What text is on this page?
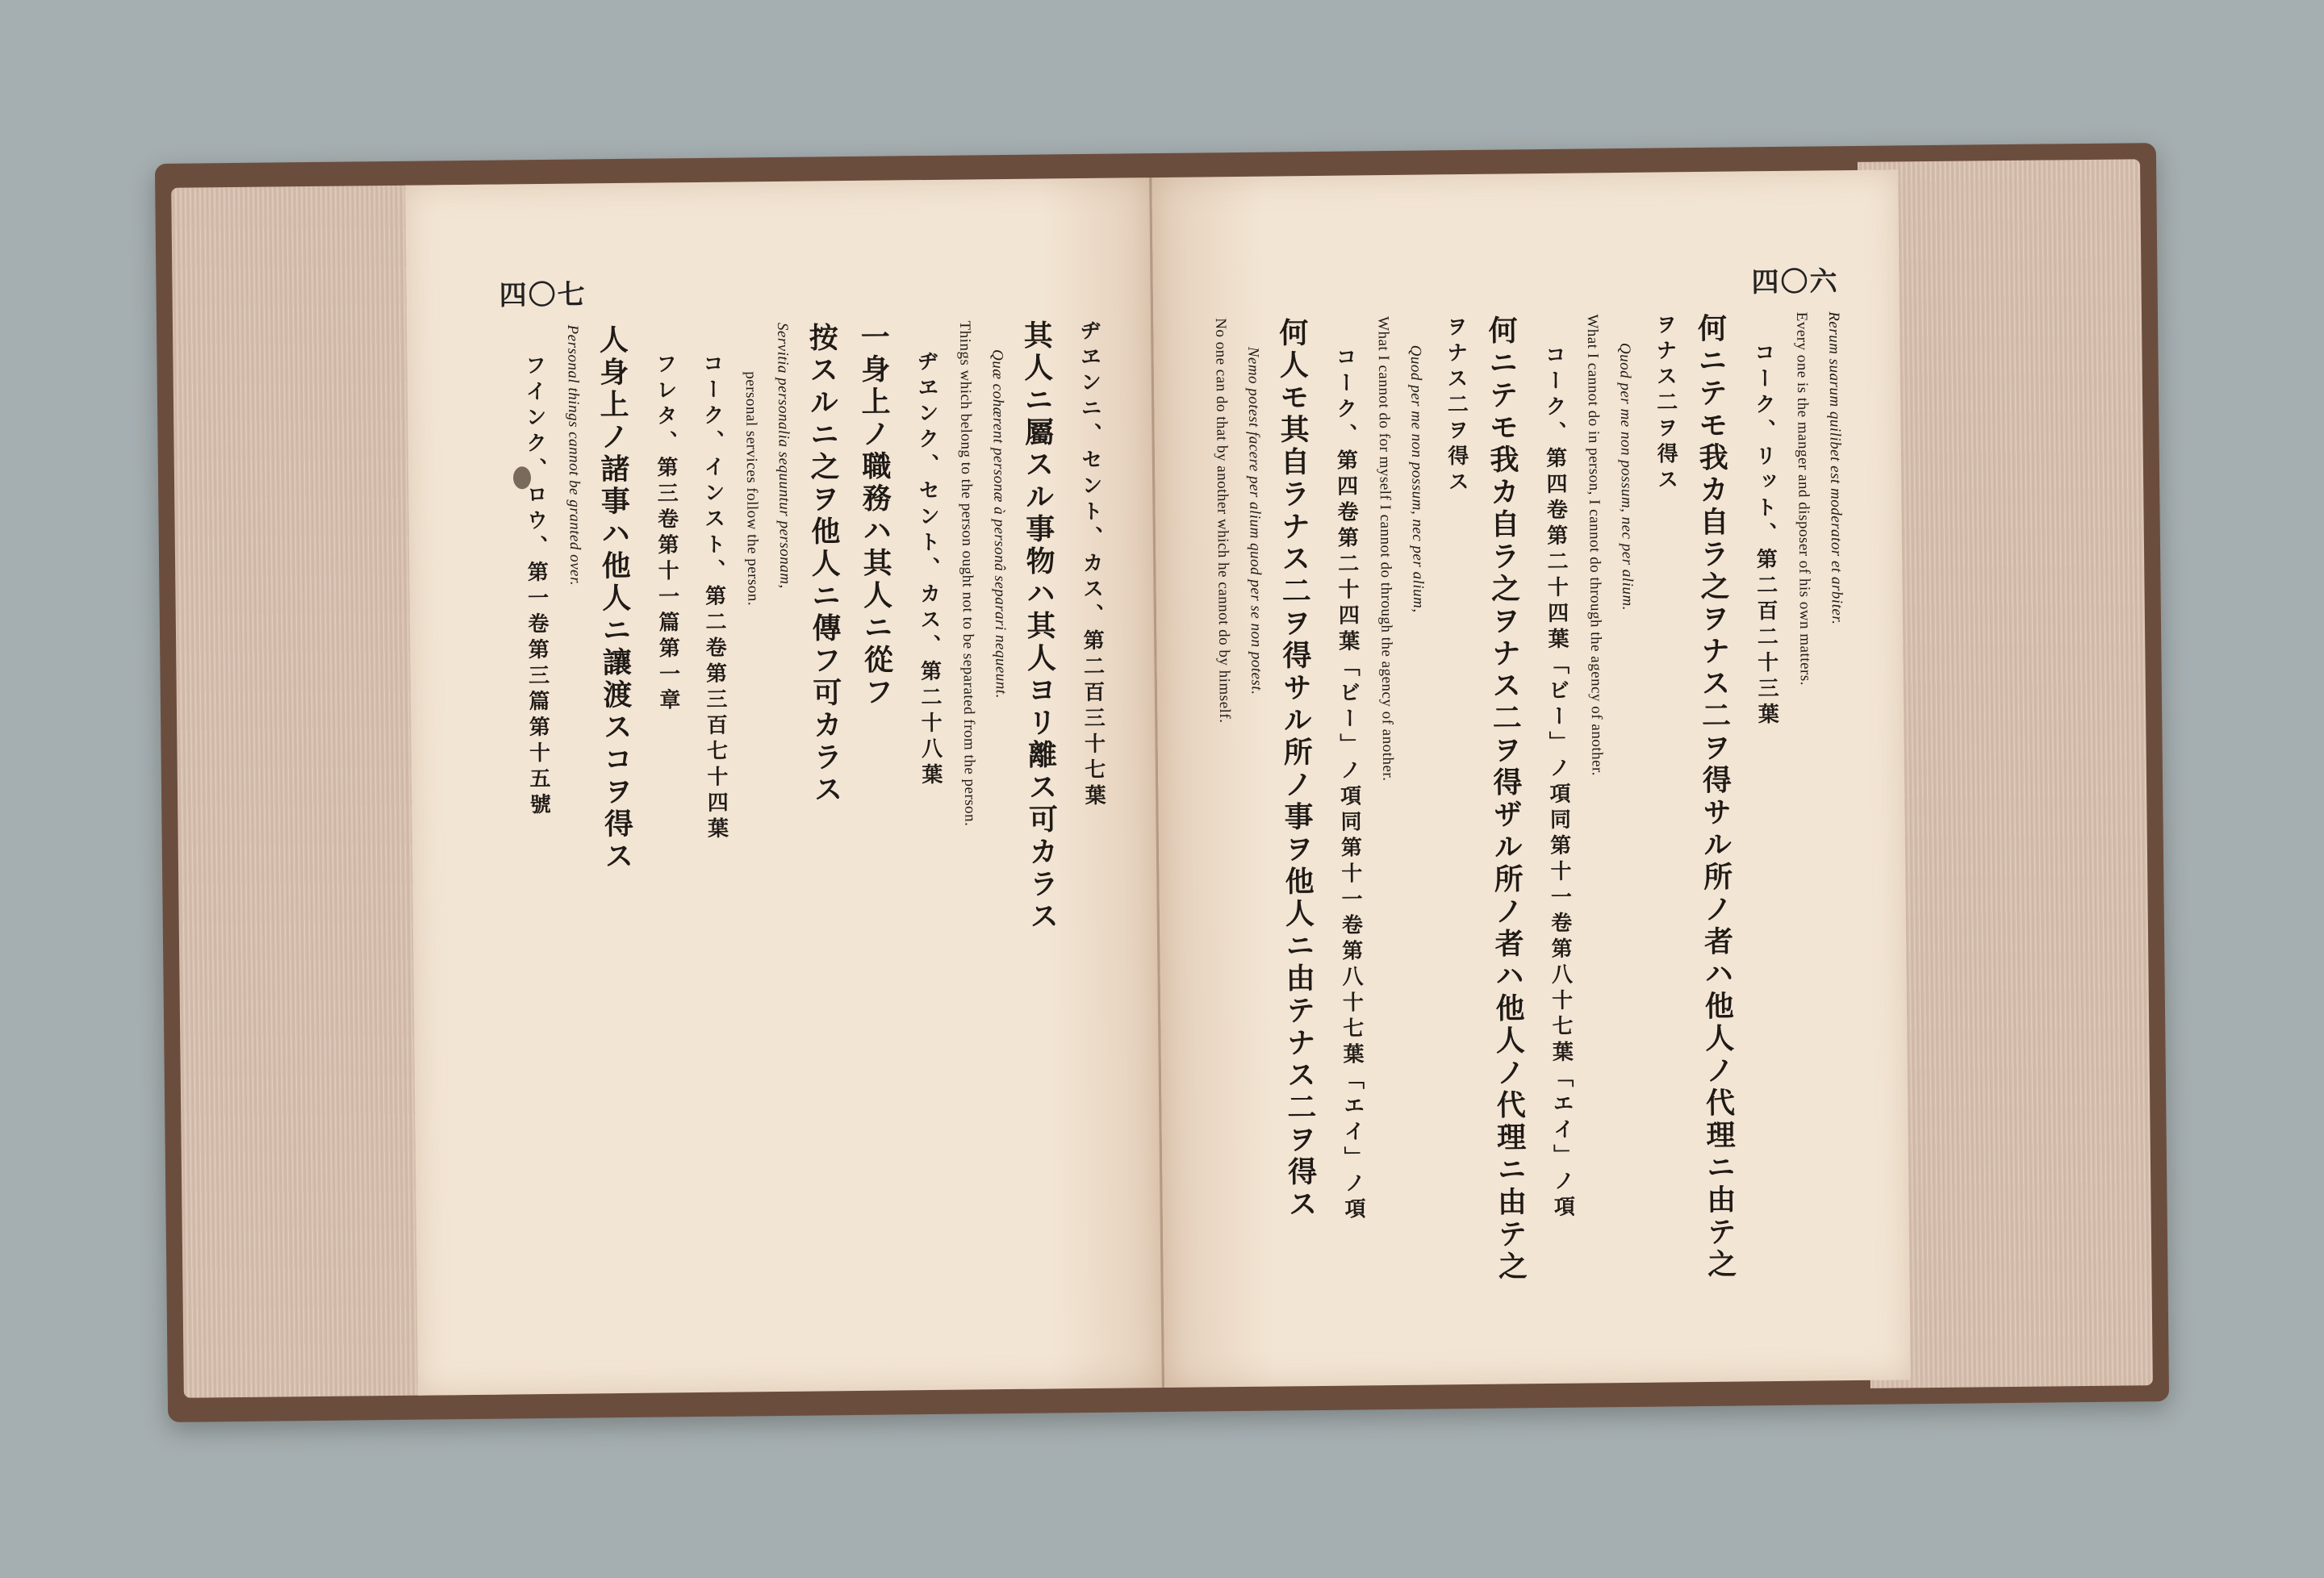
四〇七
ヂヱンニ、セント、カス、第二百三十七葉
其人ニ屬スル事物ハ其人ヨリ離ス可カラス
Quæ cohærent personæ à personâ separari nequeunt.
Things which belong to the person ought not to be separated from the person.
ヂヱンク、セント、カス、第二十八葉
一身上ノ職務ハ其人ニ從フ
按スルニ之ヲ他人ニ傳フ可カラス
Servitia personalia sequuntur personam,
personal services follow the person.
コーク、インスト、第二卷第三百七十四葉
フレタ、第三卷第十一篇第一章
人身上ノ諸事ハ他人ニ讓渡スコヲ得ス
Personal things cannot be granted over.
フインク、ロウ、第一卷第三篇第十五號
四〇六
Rerum suarum quilibet est moderator et arbiter.
Every one is the manger and disposer of his own matters.
コーク、リット、第二百二十三葉
何ニテモ我カ自ラ之ヲナス⼆ヲ得サル所ノ者ハ他人ノ代理ニ由テ之
ヲナス⼆ヲ得ス
Quod per me non possum, nec per alium.
What I cannot do in person, I cannot do through the agency of another.
コーク、第四卷第二十四葉「ビー」ノ項同第十一卷第八十七葉「エイ」ノ項
何ニテモ我カ自ラ之ヲナス⼆ヲ得ザル所ノ者ハ他人ノ代理ニ由テ之
ヲナス⼆ヲ得ス
Quod per me non possum, nec per alium,
What I cannot do for myself I cannot do through the agency of another.
コーク、第四卷第二十四葉「ビー」ノ項同第十一卷第八十七葉「エイ」ノ項
何人モ其自ラナス⼆ヲ得サル所ノ事ヲ他人ニ由テナス⼆ヲ得ス
Nemo potest facere per alium quod per se non potest.
No one can do that by another which he cannot do by himself.
